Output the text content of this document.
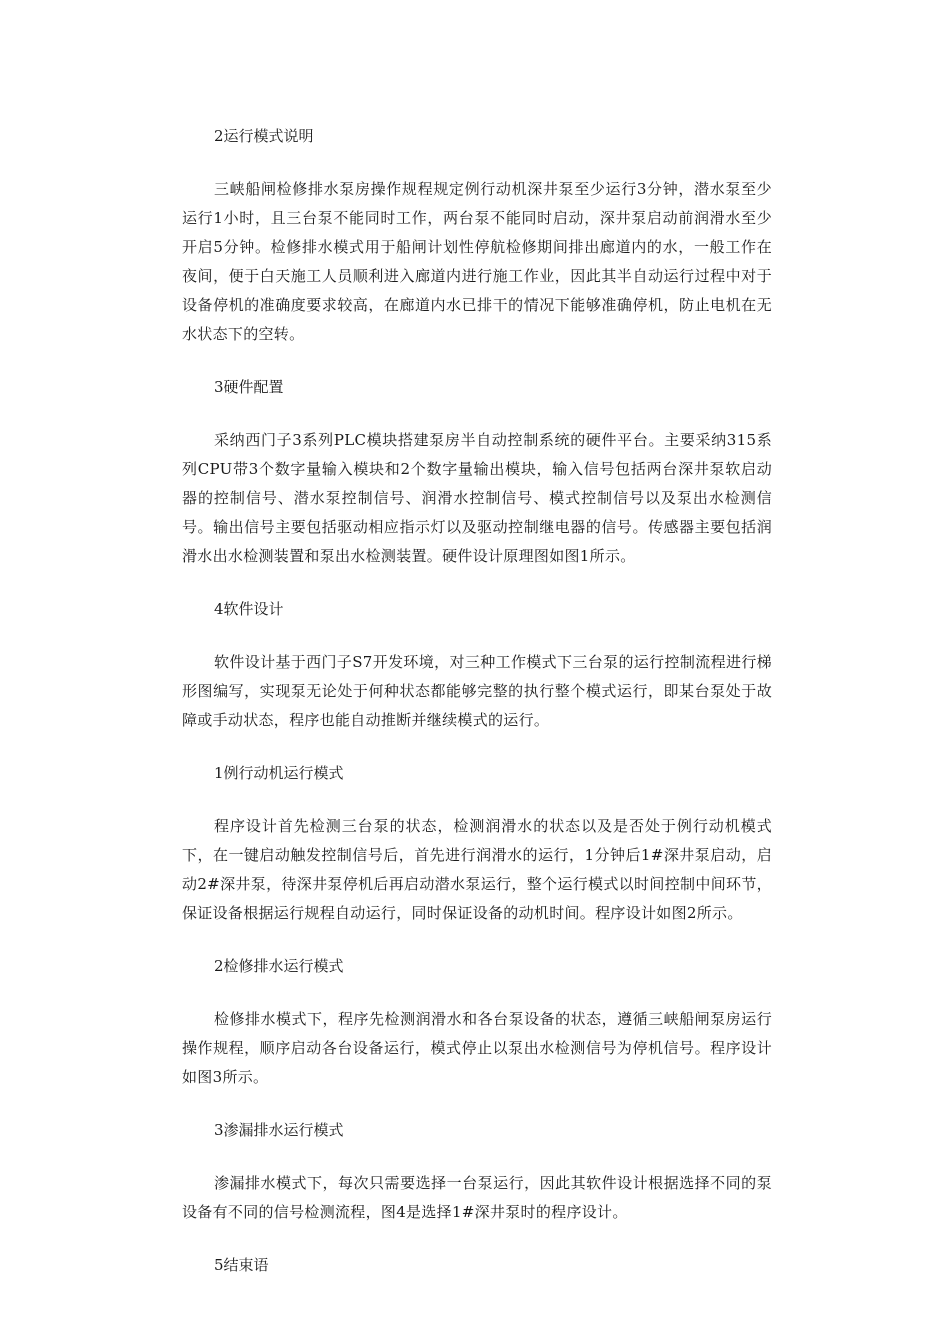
2运行模式说明

三峡船闸检修排水泵房操作规程规定例行动机深井泵至少运行3分钟，潜水泵至少运行1小时，且三台泵不能同时工作，两台泵不能同时启动，深井泵启动前润滑水至少开启5分钟。检修排水模式用于船闸计划性停航检修期间排出廊道内的水，一般工作在夜间，便于白天施工人员顺利进入廊道内进行施工作业，因此其半自动运行过程中对于设备停机的准确度要求较高，在廊道内水已排干的情况下能够准确停机，防止电机在无水状态下的空转。

3硬件配置

采纳西门子3系列PLC模块搭建泵房半自动控制系统的硬件平台。主要采纳315系列CPU带3个数字量输入模块和2个数字量输出模块，输入信号包括两台深井泵软启动器的控制信号、潜水泵控制信号、润滑水控制信号、模式控制信号以及泵出水检测信号。输出信号主要包括驱动相应指示灯以及驱动控制继电器的信号。传感器主要包括润滑水出水检测装置和泵出水检测装置。硬件设计原理图如图1所示。

4软件设计

软件设计基于西门子S7开发环境，对三种工作模式下三台泵的运行控制流程进行梯形图编写，实现泵无论处于何种状态都能够完整的执行整个模式运行，即某台泵处于故障或手动状态，程序也能自动推断并继续模式的运行。

1例行动机运行模式

程序设计首先检测三台泵的状态，检测润滑水的状态以及是否处于例行动机模式下，在一键启动触发控制信号后，首先进行润滑水的运行，1分钟后1#深井泵启动，启动2#深井泵，待深井泵停机后再启动潜水泵运行，整个运行模式以时间控制中间环节，保证设备根据运行规程自动运行，同时保证设备的动机时间。程序设计如图2所示。

2检修排水运行模式

检修排水模式下，程序先检测润滑水和各台泵设备的状态，遵循三峡船闸泵房运行操作规程，顺序启动各台设备运行，模式停止以泵出水检测信号为停机信号。程序设计如图3所示。

3渗漏排水运行模式

渗漏排水模式下，每次只需要选择一台泵运行，因此其软件设计根据选择不同的泵设备有不同的信号检测流程，图4是选择1#深井泵时的程序设计。

5结束语
